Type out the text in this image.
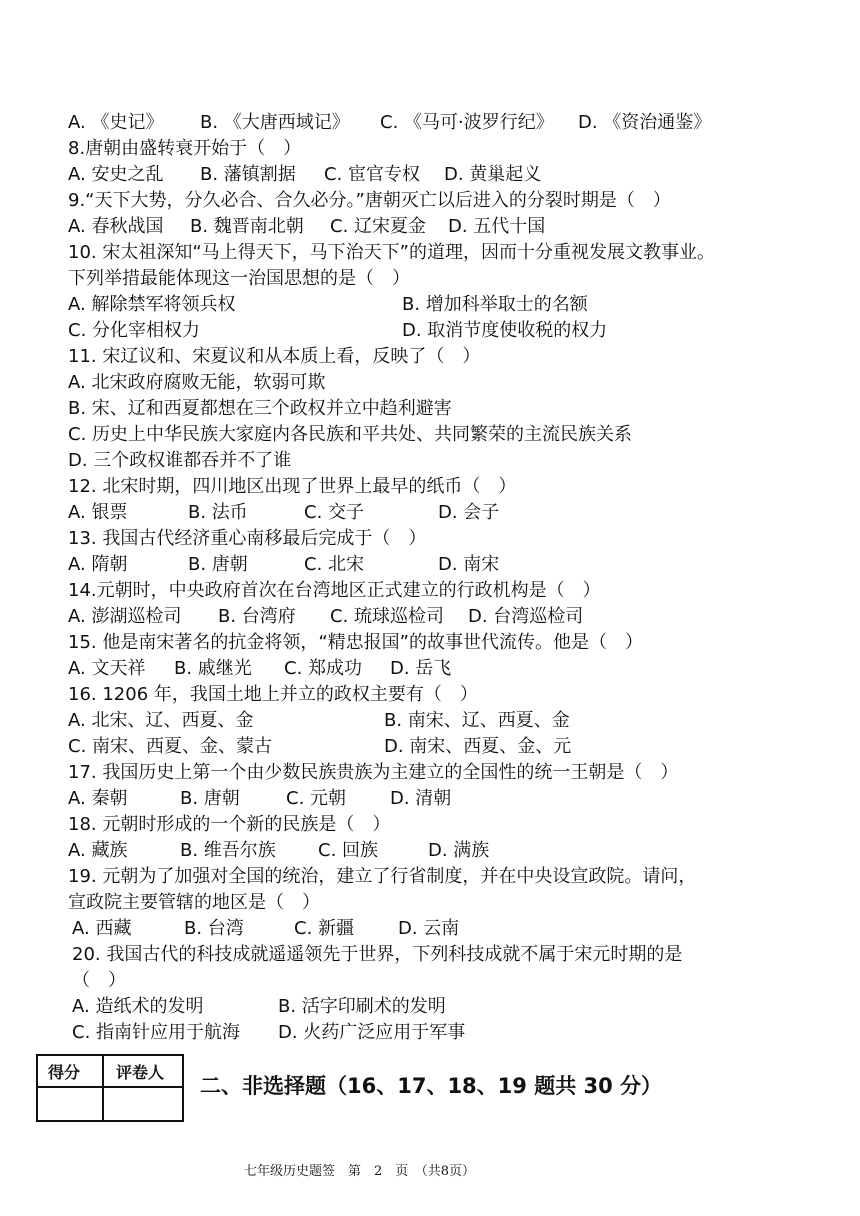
A. 《史记》 B. 《大唐西域记》 C. 《马可·波罗行纪》 D. 《资治通鉴》
8.唐朝由盛转衰开始于（　）
A. 安史之乱 B. 藩镇割据 C. 宦官专权 D. 黄巢起义
9.“天下大势，分久必合、合久必分。”唐朝灭亡以后进入的分裂时期是（　）
A. 春秋战国 B. 魏晋南北朝 C. 辽宋夏金 D. 五代十国
10. 宋太祖深知“马上得天下，马下治天下”的道理，因而十分重视发展文教事业。
下列举措最能体现这一治国思想的是（　）
A. 解除禁军将领兵权	B. 增加科举取士的名额
C. 分化宰相权力	D. 取消节度使收税的权力
11. 宋辽议和、宋夏议和从本质上看，反映了（　）
A. 北宋政府腐败无能，软弱可欺
B. 宋、辽和西夏都想在三个政权并立中趋利避害
C. 历史上中华民族大家庭内各民族和平共处、共同繁荣的主流民族关系
D. 三个政权谁都吞并不了谁
12. 北宋时期，四川地区出现了世界上最早的纸币（　）
A. 银票	B. 法币	C. 交子	D. 会子
13. 我国古代经济重心南移最后完成于（　）
A. 隋朝	B. 唐朝	C. 北宋	D. 南宋
14.元朝时，中央政府首次在台湾地区正式建立的行政机构是（　）
A. 澎湖巡检司 B. 台湾府 C. 琉球巡检司 D. 台湾巡检司
15. 他是南宋著名的抗金将领，“精忠报国”的故事世代流传。他是（　）
A. 文天祥 B. 戚继光 C. 郑成功 D. 岳飞
16. 1206 年，我国土地上并立的政权主要有（　）
A. 北宋、辽、西夏、金	B. 南宋、辽、西夏、金
C. 南宋、西夏、金、蒙古	D. 南宋、西夏、金、元
17. 我国历史上第一个由少数民族贵族为主建立的全国性的统一王朝是（　）
A. 秦朝	B. 唐朝	C. 元朝 D. 清朝
18. 元朝时形成的一个新的民族是（　）
A. 藏族	B. 维吾尔族 C. 回族	D. 满族
19. 元朝为了加强对全国的统治，建立了行省制度，并在中央设宣政院。请问，
宣政院主要管辖的地区是（　）
A. 西藏	B. 台湾	C. 新疆 D. 云南
20. 我国古代的科技成就遥遥领先于世界，下列科技成就不属于宋元时期的是
（　）
A. 造纸术的发明	B. 活字印刷术的发明
C. 指南针应用于航海 D. 火药广泛应用于军事
得分 评卷人
二、非选择题（16、17、18、19 题共 30 分）
七年级历史题签　第　2　页　（共8页）
